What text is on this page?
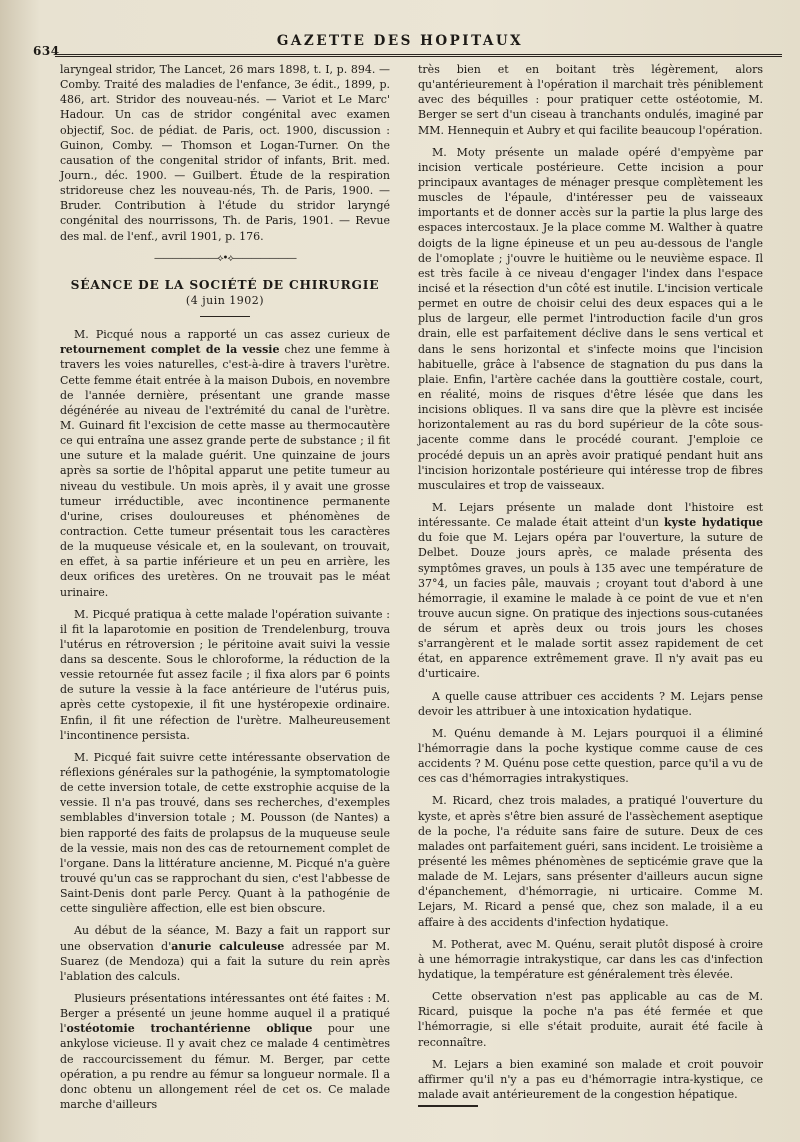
634
GAZETTE DES HOPITAUX

laryngeal stridor, The Lancet, 26 mars 1898, t. I, p. 894. — Comby. Traité des maladies de l'enfance, 3e édit., 1899, p. 486, art. Stridor des nouveau-nés. — Variot et Le Marc' Hadour. Un cas de stridor congénital avec examen objectif, Soc. de pédiat. de Paris, oct. 1900, discussion : Guinon, Comby. — Thomson et Logan-Turner. On the causation of the congenital stridor of infants, Brit. med. Journ., déc. 1900. — Guilbert. Étude de la respiration stridoreuse chez les nouveau-nés, Th. de Paris, 1900. — Bruder. Contribution à l'étude du stridor laryngé congénital des nourrissons, Th. de Paris, 1901. — Revue des mal. de l'enf., avril 1901, p. 176.

———————⟡•⟡———————
SÉANCE DE LA SOCIÉTÉ DE CHIRURGIE
(4 juin 1902)

M. Picqué nous a rapporté un cas assez curieux de retournement complet de la vessie chez une femme à travers les voies naturelles, c'est-à-dire à travers l'urètre. Cette femme était entrée à la maison Dubois, en novembre de l'année dernière, présentant une grande masse dégénérée au niveau de l'extrémité du canal de l'urètre. M. Guinard fit l'excision de cette masse au thermocautère ce qui entraîna une assez grande perte de substance ; il fit une suture et la malade guérit. Une quinzaine de jours après sa sortie de l'hôpital apparut une petite tumeur au niveau du vestibule. Un mois après, il y avait une grosse tumeur irréductible, avec incontinence permanente d'urine, crises douloureuses et phénomènes de contraction. Cette tumeur présentait tous les caractères de la muqueuse vésicale et, en la soulevant, on trouvait, en effet, à sa partie inférieure et un peu en arrière, les deux orifices des uretères. On ne trouvait pas le méat urinaire.

M. Picqué pratiqua à cette malade l'opération suivante : il fit la laparotomie en position de Trendelenburg, trouva l'utérus en rétroversion ; le péritoine avait suivi la vessie dans sa descente. Sous le chloroforme, la réduction de la vessie retournée fut assez facile ; il fixa alors par 6 points de suture la vessie à la face antérieure de l'utérus puis, après cette cystopexie, il fit une hystéropexie ordinaire. Enfin, il fit une réfection de l'urètre. Malheureusement l'incontinence persista.

M. Picqué fait suivre cette intéressante observation de réflexions générales sur la pathogénie, la symptomatologie de cette inversion totale, de cette exstrophie acquise de la vessie. Il n'a pas trouvé, dans ses recherches, d'exemples semblables d'inversion totale ; M. Pousson (de Nantes) a bien rapporté des faits de prolapsus de la muqueuse seule de la vessie, mais non des cas de retournement complet de l'organe. Dans la littérature ancienne, M. Picqué n'a guère trouvé qu'un cas se rapprochant du sien, c'est l'abbesse de Saint-Denis dont parle Percy. Quant à la pathogénie de cette singulière affection, elle est bien obscure.

Au début de la séance, M. Bazy a fait un rapport sur une observation d'anurie calculeuse adressée par M. Suarez (de Mendoza) qui a fait la suture du rein après l'ablation des calculs.

Plusieurs présentations intéressantes ont été faites : M. Berger a présenté un jeune homme auquel il a pratiqué l'ostéotomie trochantérienne oblique pour une ankylose vicieuse. Il y avait chez ce malade 4 centimètres de raccourcissement du fémur. M. Berger, par cette opération, a pu rendre au fémur sa longueur normale. Il a donc obtenu un allongement réel de cet os. Ce malade marche d'ailleurs

très bien et en boitant très légèrement, alors qu'antérieurement à l'opération il marchait très péniblement avec des béquilles : pour pratiquer cette ostéotomie, M. Berger se sert d'un ciseau à tranchants ondulés, imaginé par MM. Hennequin et Aubry et qui facilite beaucoup l'opération.

M. Moty présente un malade opéré d'empyème par incision verticale postérieure. Cette incision a pour principaux avantages de ménager presque complètement les muscles de l'épaule, d'intéresser peu de vaisseaux importants et de donner accès sur la partie la plus large des espaces intercostaux. Je la place comme M. Walther à quatre doigts de la ligne épineuse et un peu au-dessous de l'angle de l'omoplate ; j'ouvre le huitième ou le neuvième espace. Il est très facile à ce niveau d'engager l'index dans l'espace incisé et la résection d'un côté est inutile. L'incision verticale permet en outre de choisir celui des deux espaces qui a le plus de largeur, elle permet l'introduction facile d'un gros drain, elle est parfaitement déclive dans le sens vertical et dans le sens horizontal et s'infecte moins que l'incision habituelle, grâce à l'absence de stagnation du pus dans la plaie. Enfin, l'artère cachée dans la gouttière costale, court, en réalité, moins de risques d'être lésée que dans les incisions obliques. Il va sans dire que la plèvre est incisée horizontalement au ras du bord supérieur de la côte sous-jacente comme dans le procédé courant. J'emploie ce procédé depuis un an après avoir pratiqué pendant huit ans l'incision horizontale postérieure qui intéresse trop de fibres musculaires et trop de vaisseaux.

M. Lejars présente un malade dont l'histoire est intéressante. Ce malade était atteint d'un kyste hydatique du foie que M. Lejars opéra par l'ouverture, la suture de Delbet. Douze jours après, ce malade présenta des symptômes graves, un pouls à 135 avec une température de 37°4, un facies pâle, mauvais ; croyant tout d'abord à une hémorragie, il examine le malade à ce point de vue et n'en trouve aucun signe. On pratique des injections sous-cutanées de sérum et après deux ou trois jours les choses s'arrangèrent et le malade sortit assez rapidement de cet état, en apparence extrêmement grave. Il n'y avait pas eu d'urticaire.

A quelle cause attribuer ces accidents ? M. Lejars pense devoir les attribuer à une intoxication hydatique.

M. Quénu demande à M. Lejars pourquoi il a éliminé l'hémorragie dans la poche kystique comme cause de ces accidents ? M. Quénu pose cette question, parce qu'il a vu de ces cas d'hémorragies intrakystiques.

M. Ricard, chez trois malades, a pratiqué l'ouverture du kyste, et après s'être bien assuré de l'assèchement aseptique de la poche, l'a réduite sans faire de suture. Deux de ces malades ont parfaitement guéri, sans incident. Le troisième a présenté les mêmes phénomènes de septicémie grave que la malade de M. Lejars, sans présenter d'ailleurs aucun signe d'épanchement, d'hémorragie, ni urticaire. Comme M. Lejars, M. Ricard a pensé que, chez son malade, il a eu affaire à des accidents d'infection hydatique.

M. Potherat, avec M. Quénu, serait plutôt disposé à croire à une hémorragie intrakystique, car dans les cas d'infection hydatique, la température est généralement très élevée.

Cette observation n'est pas applicable au cas de M. Ricard, puisque la poche n'a pas été fermée et que l'hémorragie, si elle s'était produite, aurait été facile à reconnaître.

M. Lejars a bien examiné son malade et croit pouvoir affirmer qu'il n'y a pas eu d'hémorragie intra-kystique, ce malade avait antérieurement de la congestion hépatique.
